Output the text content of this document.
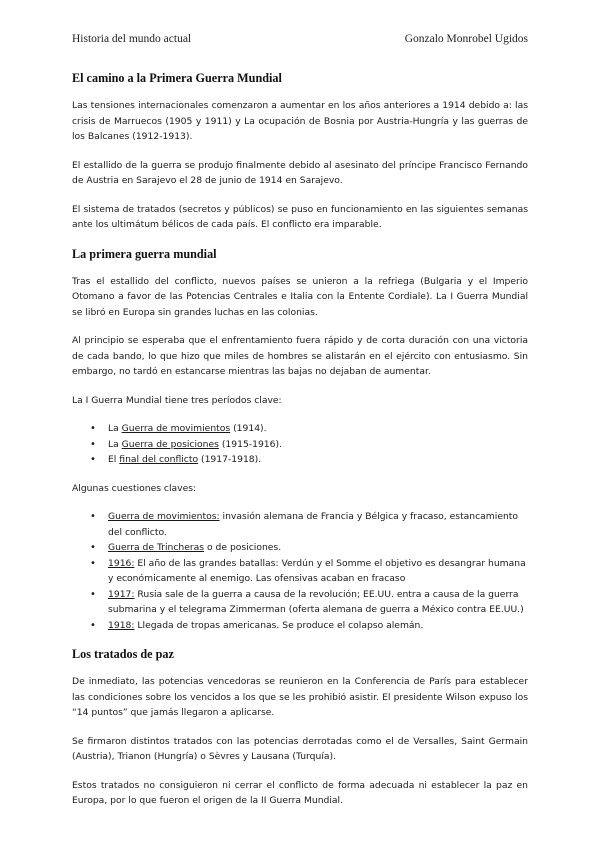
Historia del mundo actual	Gonzalo Monrobel Ugidos
El camino a la Primera Guerra Mundial

Las tensiones internacionales comenzaron a aumentar en los años anteriores a 1914 debido a: las crisis de Marruecos (1905 y 1911) y La ocupación de Bosnia por Austria-Hungría y las guerras de los Balcanes (1912-1913).

El estallido de la guerra se produjo finalmente debido al asesinato del príncipe Francisco Fernando de Austria en Sarajevo el 28 de junio de 1914 en Sarajevo.

El sistema de tratados (secretos y públicos) se puso en funcionamiento en las siguientes semanas ante los ultimátum bélicos de cada país. El conflicto era imparable.

La primera guerra mundial

Tras el estallido del conflicto, nuevos países se unieron a la refriega (Bulgaria y el Imperio Otomano a favor de las Potencias Centrales e Italia con la Entente Cordiale). La I Guerra Mundial se libró en Europa sin grandes luchas en las colonias.

Al principio se esperaba que el enfrentamiento fuera rápido y de corta duración con una victoria de cada bando, lo que hizo que miles de hombres se alistarán en el ejército con entusiasmo. Sin embargo, no tardó en estancarse mientras las bajas no dejaban de aumentar.

La I Guerra Mundial tiene tres períodos clave:

• La Guerra de movimientos (1914).
• La Guerra de posiciones (1915-1916).
• El final del conflicto (1917-1918).

Algunas cuestiones claves:

• Guerra de movimientos: invasión alemana de Francia y Bélgica y fracaso, estancamiento del conflicto.
• Guerra de Trincheras o de posiciones.
• 1916: El año de las grandes batallas: Verdún y el Somme el objetivo es desangrar humana y económicamente al enemigo. Las ofensivas acaban en fracaso
• 1917: Rusia sale de la guerra a causa de la revolución; EE.UU. entra a causa de la guerra submarina y el telegrama Zimmerman (oferta alemana de guerra a México contra EE.UU.)
• 1918: Llegada de tropas americanas. Se produce el colapso alemán.
Los tratados de paz

De inmediato, las potencias vencedoras se reunieron en la Conferencia de París para establecer las condiciones sobre los vencidos a los que se les prohibió asistir. El presidente Wilson expuso los “14 puntos” que jamás llegaron a aplicarse.

Se firmaron distintos tratados con las potencias derrotadas como el de Versalles, Saint Germain (Austria), Trianon (Hungría) o Sèvres y Lausana (Turquía).

Estos tratados no consiguieron ni cerrar el conflicto de forma adecuada ni establecer la paz en Europa, por lo que fueron el origen de la II Guerra Mundial.
